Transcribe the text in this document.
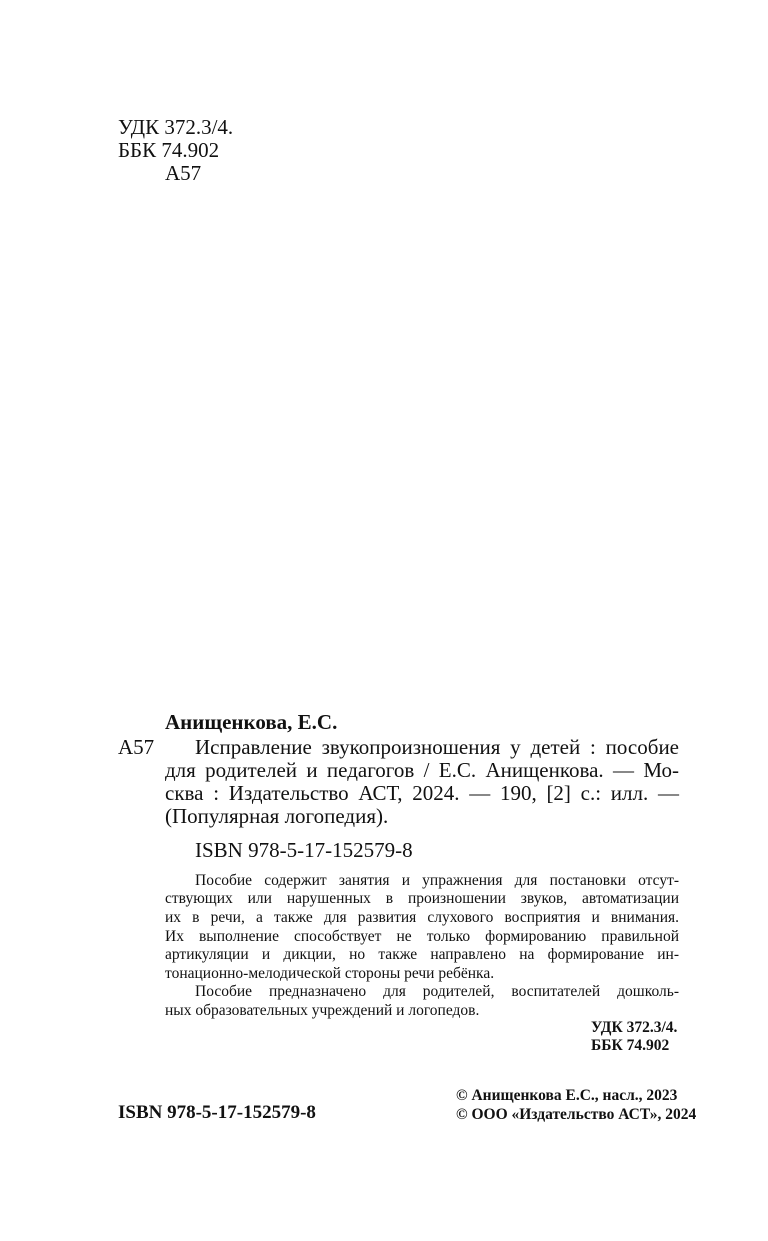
УДК 372.3/4.
ББК 74.902
А57
Анищенкова, Е.С.
А57 Исправление звукопроизношения у детей : пособие
для родителей и педагогов / Е.С. Анищенкова. — Мо-
сква : Издательство АСТ, 2024. — 190, [2] с.: илл. —
(Популярная логопедия).
ISBN 978-5-17-152579-8
Пособие содержит занятия и упражнения для постановки отсут-
ствующих или нарушенных в произношении звуков, автоматизации
их в речи, а также для развития слухового восприятия и внимания.
Их выполнение способствует не только формированию правильной
артикуляции и дикции, но также направлено на формирование ин-
тонационно-мелодической стороны речи ребёнка.
Пособие предназначено для родителей, воспитателей дошколь-
ных образовательных учреждений и логопедов.
УДК 372.3/4.
ББК 74.902
ISBN 978-5-17-152579-8
© Анищенкова Е.С., насл., 2023
© ООО «Издательство АСТ», 2024
